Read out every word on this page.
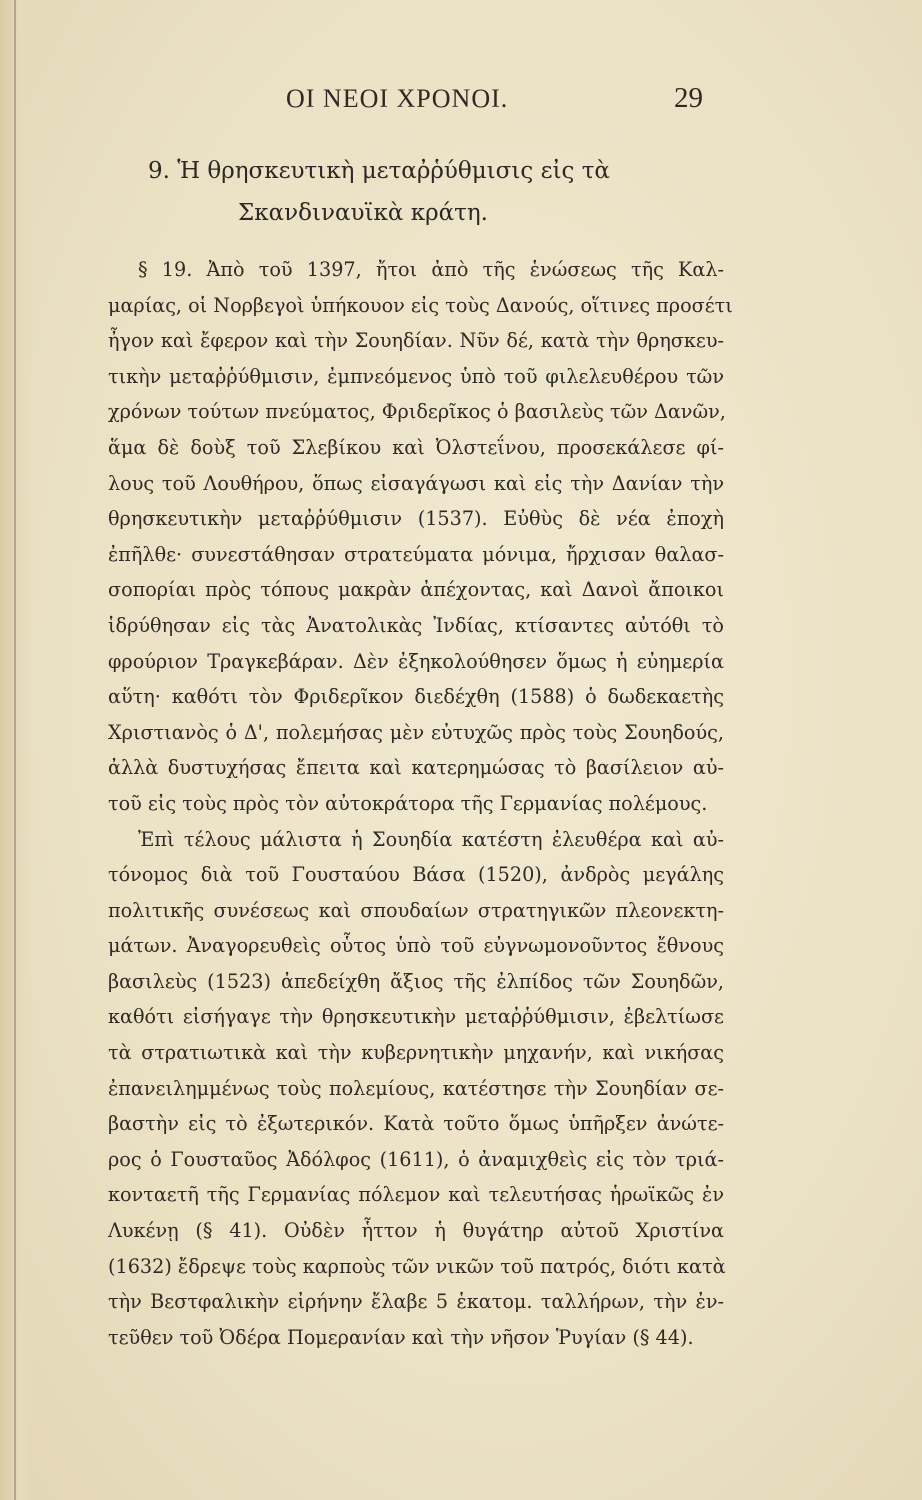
ΟΙ ΝΕΟΙ ΧΡΟΝΟΙ.	29
9. Ἡ θρησκευτικὴ μεταῤῥύθμισις εἰς τὰ
Σκανδιναυϊκὰ κράτη.
§ 19. Ἀπὸ τοῦ 1397, ἤτοι ἀπὸ τῆς ἑνώσεως τῆς Καλ-
μαρίας, οἱ Νορβεγοὶ ὑπήκουον εἰς τοὺς Δανούς, οἵτινες προσέτι
ἦγον καὶ ἔφερον καὶ τὴν Σουηδίαν. Νῦν δέ, κατὰ τὴν θρησκευ-
τικὴν μεταῤῥύθμισιν, ἐμπνεόμενος ὑπὸ τοῦ φιλελευθέρου τῶν
χρόνων τούτων πνεύματος, Φριδερῖκος ὁ βασιλεὺς τῶν Δανῶν,
ἅμα δὲ δοὺξ τοῦ Σλεβίκου καὶ Ὀλστεΐνου, προσεκάλεσε φί-
λους τοῦ Λουθήρου, ὅπως εἰσαγάγωσι καὶ εἰς τὴν Δανίαν τὴν
θρησκευτικὴν μεταῤῥύθμισιν (1537). Εὐθὺς δὲ νέα ἐποχὴ
ἐπῆλθε· συνεστάθησαν στρατεύματα μόνιμα, ἤρχισαν θαλασ-
σοπορίαι πρὸς τόπους μακρὰν ἀπέχοντας, καὶ Δανοὶ ἄποικοι
ἱδρύθησαν εἰς τὰς Ἀνατολικὰς Ἰνδίας, κτίσαντες αὐτόθι τὸ
φρούριον Τραγκεβάραν. Δὲν ἐξηκολούθησεν ὅμως ἡ εὐημερία
αὕτη· καθότι τὸν Φριδερῖκον διεδέχθη (1588) ὁ δωδεκαετὴς
Χριστιανὸς ὁ Δ', πολεμήσας μὲν εὐτυχῶς πρὸς τοὺς Σουηδούς,
ἀλλὰ δυστυχήσας ἔπειτα καὶ κατερημώσας τὸ βασίλειον αὐ-
τοῦ εἰς τοὺς πρὸς τὸν αὐτοκράτορα τῆς Γερμανίας πολέμους.
Ἐπὶ τέλους μάλιστα ἡ Σουηδία κατέστη ἐλευθέρα καὶ αὐ-
τόνομος διὰ τοῦ Γουσταύου Βάσα (1520), ἀνδρὸς μεγάλης
πολιτικῆς συνέσεως καὶ σπουδαίων στρατηγικῶν πλεονεκτη-
μάτων. Ἀναγορευθεὶς οὗτος ὑπὸ τοῦ εὐγνωμονοῦντος ἔθνους
βασιλεὺς (1523) ἀπεδείχθη ἄξιος τῆς ἐλπίδος τῶν Σουηδῶν,
καθότι εἰσήγαγε τὴν θρησκευτικὴν μεταῤῥύθμισιν, ἐβελτίωσε
τὰ στρατιωτικὰ καὶ τὴν κυβερνητικὴν μηχανήν, καὶ νικήσας
ἐπανειλημμένως τοὺς πολεμίους, κατέστησε τὴν Σουηδίαν σε-
βαστὴν εἰς τὸ ἐξωτερικόν. Κατὰ τοῦτο ὅμως ὑπῆρξεν ἀνώτε-
ρος ὁ Γουσταῦος Ἀδόλφος (1611), ὁ ἀναμιχθεὶς εἰς τὸν τριά-
κονταετῆ τῆς Γερμανίας πόλεμον καὶ τελευτήσας ἡρωϊκῶς ἐν
Λυκένῃ (§ 41). Οὐδὲν ἧττον ἡ θυγάτηρ αὐτοῦ Χριστίνα
(1632) ἔδρεψε τοὺς καρποὺς τῶν νικῶν τοῦ πατρός, διότι κατὰ
τὴν Βεστφαλικὴν εἰρήνην ἔλαβε 5 ἑκατομ. ταλλήρων, τὴν ἐν-
τεῦθεν τοῦ Ὀδέρα Πομερανίαν καὶ τὴν νῆσον Ῥυγίαν (§ 44).
